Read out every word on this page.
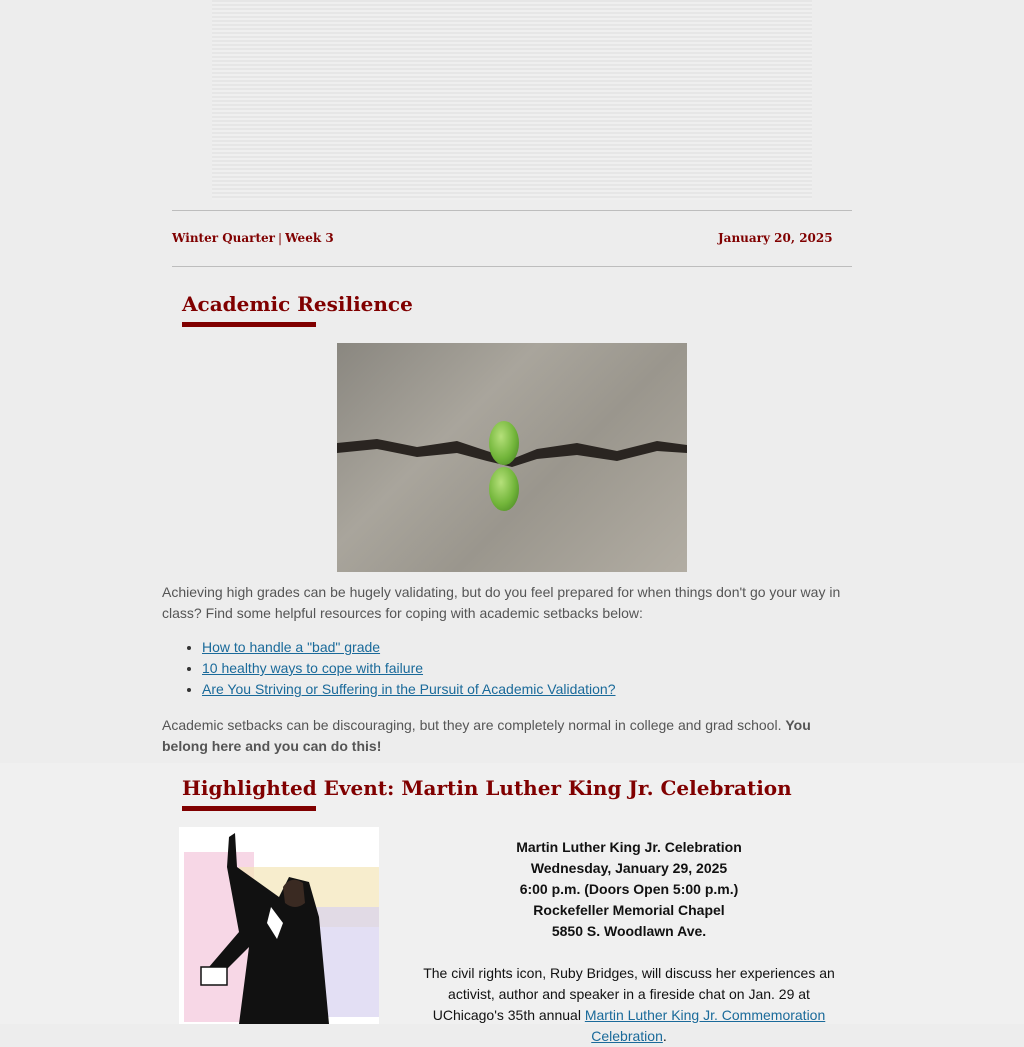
Winter Quarter | Week 3	January 20, 2025
Academic Resilience
Achieving high grades can be hugely validating, but do you feel prepared for when things don't go your way in class? Find some helpful resources for coping with academic setbacks below:
• How to handle a "bad" grade
• 10 healthy ways to cope with failure
• Are You Striving or Suffering in the Pursuit of Academic Validation?
Academic setbacks can be discouraging, but they are completely normal in college and grad school. You belong here and you can do this!
Highlighted Event: Martin Luther King Jr. Celebration
Martin Luther King Jr. Celebration
Wednesday, January 29, 2025
6:00 p.m. (Doors Open 5:00 p.m.)
Rockefeller Memorial Chapel
5850 S. Woodlawn Ave.
The civil rights icon, Ruby Bridges, will discuss her experiences an activist, author and speaker in a fireside chat on Jan. 29 at UChicago's 35th annual Martin Luther King Jr. Commemoration Celebration.
